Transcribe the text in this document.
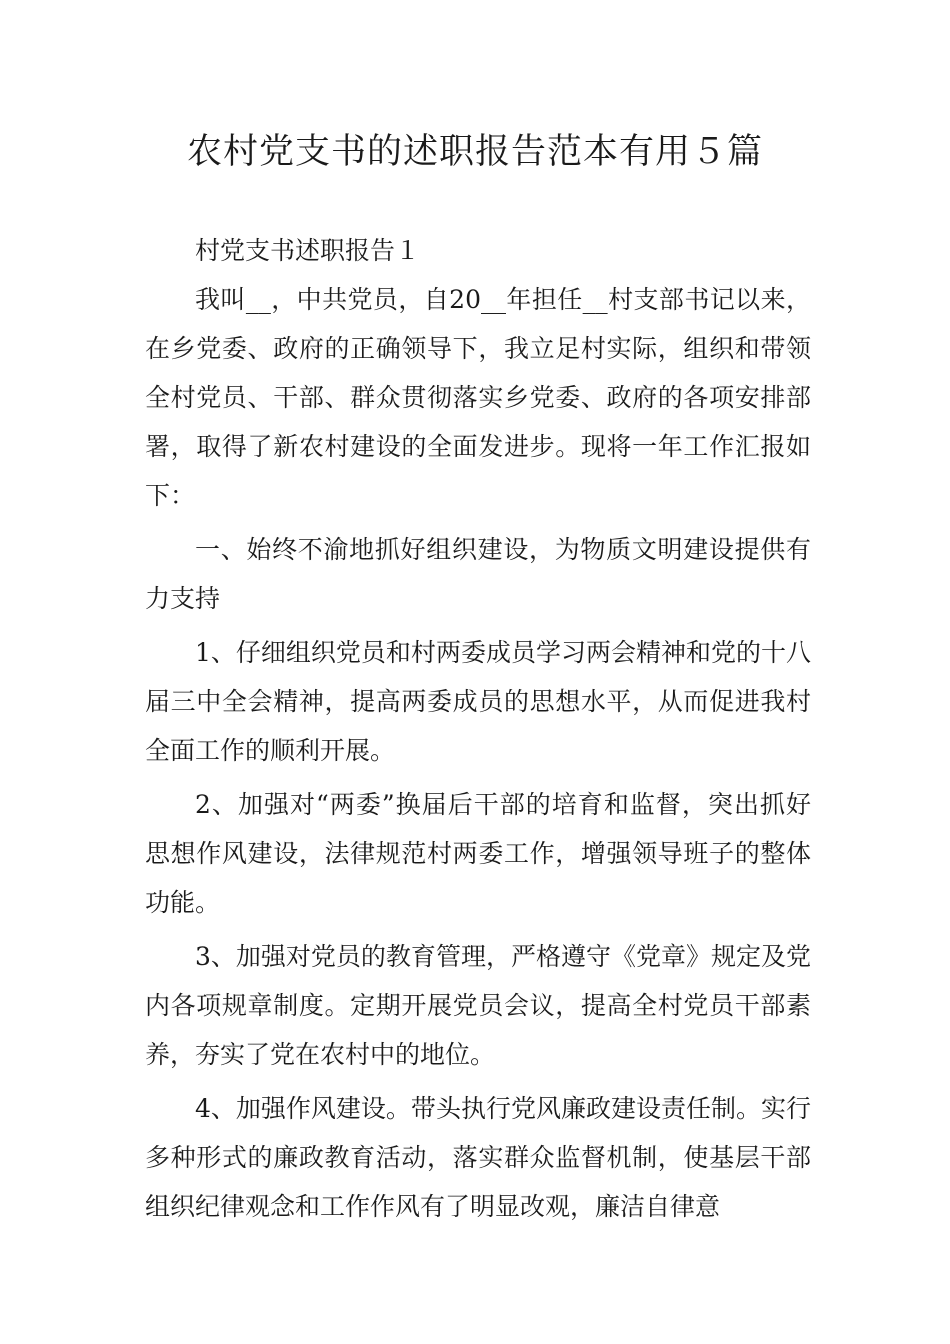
农村党支书的述职报告范本有用５篇

村党支书述职报告１

我叫__，中共党员，自20__年担任__村支部书记以来，在乡党委、政府的正确领导下，我立足村实际，组织和带领全村党员、干部、群众贯彻落实乡党委、政府的各项安排部署，取得了新农村建设的全面发进步。现将一年工作汇报如下：

一、始终不渝地抓好组织建设，为物质文明建设提供有力支持

1、仔细组织党员和村两委成员学习两会精神和党的十八届三中全会精神，提高两委成员的思想水平，从而促进我村全面工作的顺利开展。

2、加强对“两委”换届后干部的培育和监督，突出抓好思想作风建设，法律规范村两委工作，增强领导班子的整体功能。

3、加强对党员的教育管理，严格遵守《党章》规定及党内各项规章制度。定期开展党员会议，提高全村党员干部素养，夯实了党在农村中的地位。

4、加强作风建设。带头执行党风廉政建设责任制。实行多种形式的廉政教育活动，落实群众监督机制，使基层干部组织纪律观念和工作作风有了明显改观，廉洁自律意
